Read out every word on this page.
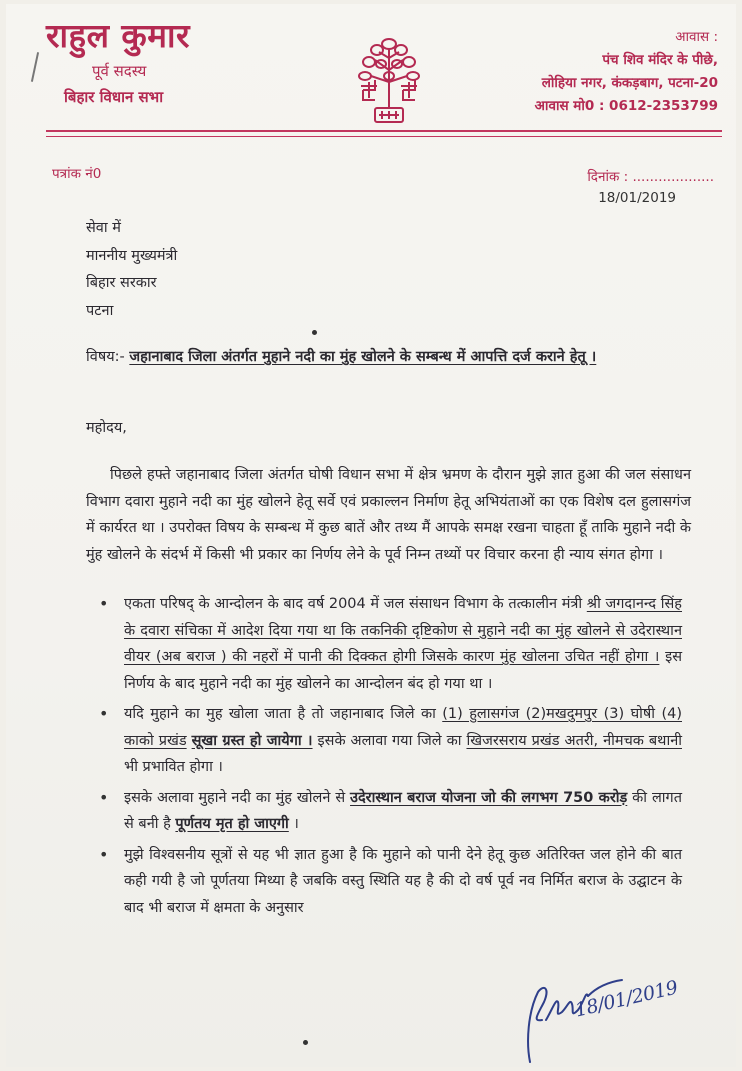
राहुल कुमार
पूर्व सदस्य
बिहार विधान सभा
आवास :
पंच शिव मंदिर के पीछे,
लोहिया नगर, कंकड़बाग, पटना-20
आवास मो0 : 0612-2353799
पत्रांक नं0	दिनांक : ...................
18/01/2019
सेवा में
माननीय मुख्यमंत्री
बिहार सरकार
पटना
विषय:- जहानाबाद जिला अंतर्गत मुहाने नदी का मुंह खोलने के सम्बन्ध में आपत्ति दर्ज कराने हेतू ।
महोदय,
पिछले हफ्ते जहानाबाद जिला अंतर्गत घोषी विधान सभा में क्षेत्र भ्रमण के दौरान मुझे ज्ञात हुआ की जल संसाधन विभाग दवारा मुहाने नदी का मुंह खोलने हेतू सर्वे एवं प्रकाल्लन निर्माण हेतू अभियंताओं का एक विशेष दल हुलासगंज में कार्यरत था । उपरोक्त विषय के सम्बन्ध में कुछ बातें और तथ्य मैं आपके समक्ष रखना चाहता हूँ ताकि मुहाने नदी के मुंह खोलने के संदर्भ में किसी भी प्रकार का निर्णय लेने के पूर्व निम्न तथ्यों पर विचार करना ही न्याय संगत होगा ।
• एकता परिषद् के आन्दोलन के बाद वर्ष 2004 में जल संसाधन विभाग के तत्कालीन मंत्री श्री जगदानन्द सिंह के दवारा संचिका में आदेश दिया गया था कि तकनिकी दृष्टिकोण से मुहाने नदी का मुंह खोलने से उदेरास्थान वीयर (अब बराज ) की नहरों में पानी की दिक्कत होगी जिसके कारण मुंह खोलना उचित नहीं होगा । इस निर्णय के बाद मुहाने नदी का मुंह खोलने का आन्दोलन बंद हो गया था ।
• यदि मुहाने का मुह खोला जाता है तो जहानाबाद जिले का (1) हुलासगंज (2)मखदुमपुर (3) घोषी (4) काको प्रखंड सूखा ग्रस्त हो जायेगा । इसके अलावा गया जिले का खिजरसराय प्रखंड अतरी, नीमचक बथानी भी प्रभावित होगा ।
• इसके अलावा मुहाने नदी का मुंह खोलने से उदेरास्थान बराज योजना जो की लगभग 750 करोड़ की लागत से बनी है पूर्णतय मृत हो जाएगी ।
• मुझे विश्वसनीय सूत्रों से यह भी ज्ञात हुआ है कि मुहाने को पानी देने हेतू कुछ अतिरिक्त जल होने की बात कही गयी है जो पूर्णतया मिथ्या है जबकि वस्तु स्थिति यह है की दो वर्ष पूर्व नव निर्मित बराज के उद्घाटन के बाद भी बराज में क्षमता के अनुसार
18/01/2019
